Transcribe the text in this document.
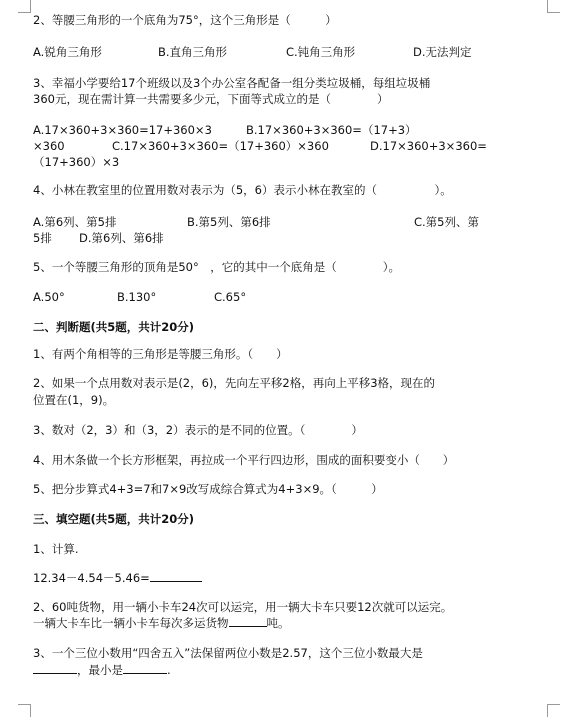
2、等腰三角形的一个底角为75°，这个三角形是（　　　）
A.锐角三角形	B.直角三角形	C.钝角三角形	D.无法判定
3、幸福小学要给17个班级以及3个办公室各配备一组分类垃圾桶，每组垃圾桶
360元，现在需计算一共需要多少元，下面等式成立的是（　　　　）
A.17×360+3×360=17+360×3	B.17×360+3×360=（17+3）
×360	C.17×360+3×360=（17+360）×360	D.17×360+3×360=
（17+360）×3
4、小林在教室里的位置用数对表示为（5，6）表示小林在教室的（　　　　　）。
A.第6列、第5排	B.第5列、第6排	C.第5列、第
5排 D.第6列、第6排
5、一个等腰三角形的顶角是50°　，它的其中一个底角是（　　　　）。
A.50°	B.130°	C.65°
二、判断题(共5题，共计20分)
1、有两个角相等的三角形是等腰三角形。（　　）
2、如果一个点用数对表示是(2，6)，先向左平移2格，再向上平移3格，现在的
位置在(1，9)。
3、数对（2，3）和（3，2）表示的是不同的位置。（　　　　）
4、用木条做一个长方形框架，再拉成一个平行四边形，围成的面积要变小（　　）
5、把分步算式4+3=7和7×9改写成综合算式为4+3×9。（　　　）
三、填空题(共5题，共计20分)
1、计算.
12.34－4.54－5.46=
2、60吨货物，用一辆小卡车24次可以运完，用一辆大卡车只要12次就可以运完。
一辆大卡车比一辆小卡车每次多运货物	吨。
3、一个三位小数用“四舍五入”法保留两位小数是2.57，这个三位小数最大是
，最小是	.
